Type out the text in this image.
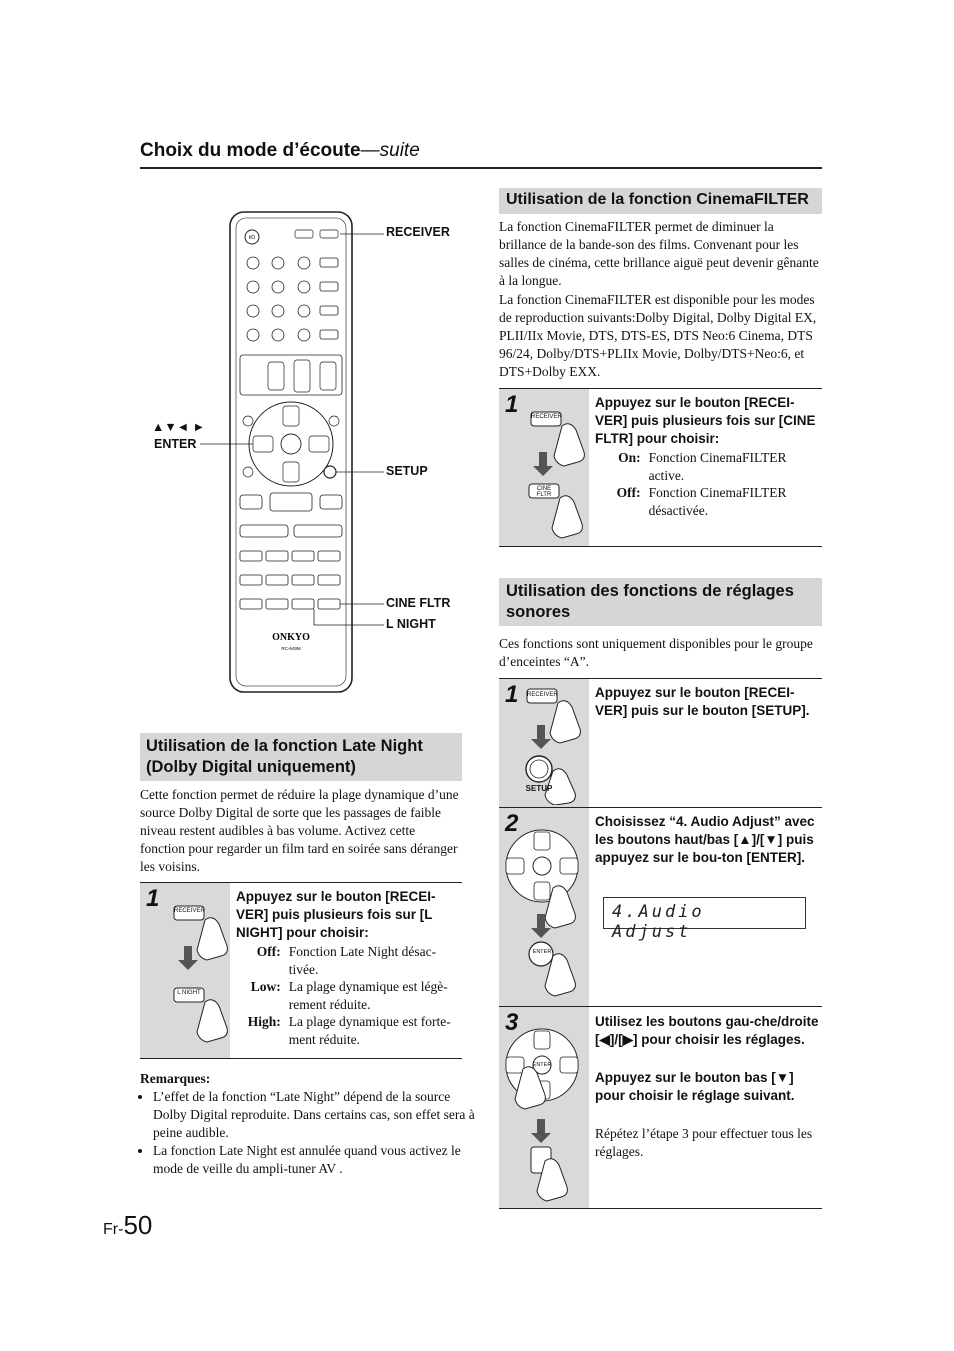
Choix du mode d’écoute—suite
I/O
ONKYO
RC-649M
RECEIVER
▲▼◄ ►
ENTER
SETUP
CINE FLTR
L NIGHT
Utilisation de la fonction Late Night
(Dolby Digital uniquement)
Cette fonction permet de réduire la plage dynamique d’une source Dolby Digital de sorte que les passages de faible niveau restent audibles à bas volume. Activez cette fonction pour regarder un film tard en soirée sans déranger les voisins.
1 RECEIVER
L NIGHT
Appuyez sur le bouton [RECEI-VER] puis plusieurs fois sur [L NIGHT] pour choisir:
Off: Fonction Late Night désac-tivée.
Low: La plage dynamique est légè-rement réduite.
High: La plage dynamique est forte-ment réduite.
Remarques:
• L’effet de la fonction “Late Night” dépend de la source Dolby Digital reproduite. Dans certains cas, son effet sera à peine audible.
• La fonction Late Night est annulée quand vous activez le mode de veille du ampli-tuner AV .
Utilisation de la fonction CinemaFILTER
La fonction CinemaFILTER permet de diminuer la brillance de la bande-son des films. Convenant pour les salles de cinéma, cette brillance aiguë peut devenir gênante à la longue.
La fonction CinemaFILTER est disponible pour les modes de reproduction suivants:Dolby Digital, Dolby Digital EX, PLII/IIx Movie, DTS, DTS-ES, DTS Neo:6 Cinema, DTS 96/24, Dolby/DTS+PLIIx Movie, Dolby/DTS+Neo:6, et DTS+Dolby EXX.
1 RECEIVER
CINE FLTR
Appuyez sur le bouton [RECEI-VER] puis plusieurs fois sur [CINE FLTR] pour choisir:
On: Fonction CinemaFILTER active.
Off: Fonction CinemaFILTER désactivée.
Utilisation des fonctions de réglages
sonores
Ces fonctions sont uniquement disponibles pour le groupe d’enceintes “A”.
1 RECEIVER
SETUP
Appuyez sur le bouton [RECEI-VER] puis sur le bouton [SETUP].
2
ENTER
Choisissez “4. Audio Adjust” avec les boutons haut/bas [▲]/[▼] puis appuyez sur le bou-ton [ENTER].
4.Audio Adjust
3
ENTER
Utilisez les boutons gau-che/droite [◀]/[▶] pour choisir les réglages.
Appuyez sur le bouton bas [▼] pour choisir le réglage suivant.
Répétez l’étape 3 pour effectuer tous les réglages.
Fr-50
